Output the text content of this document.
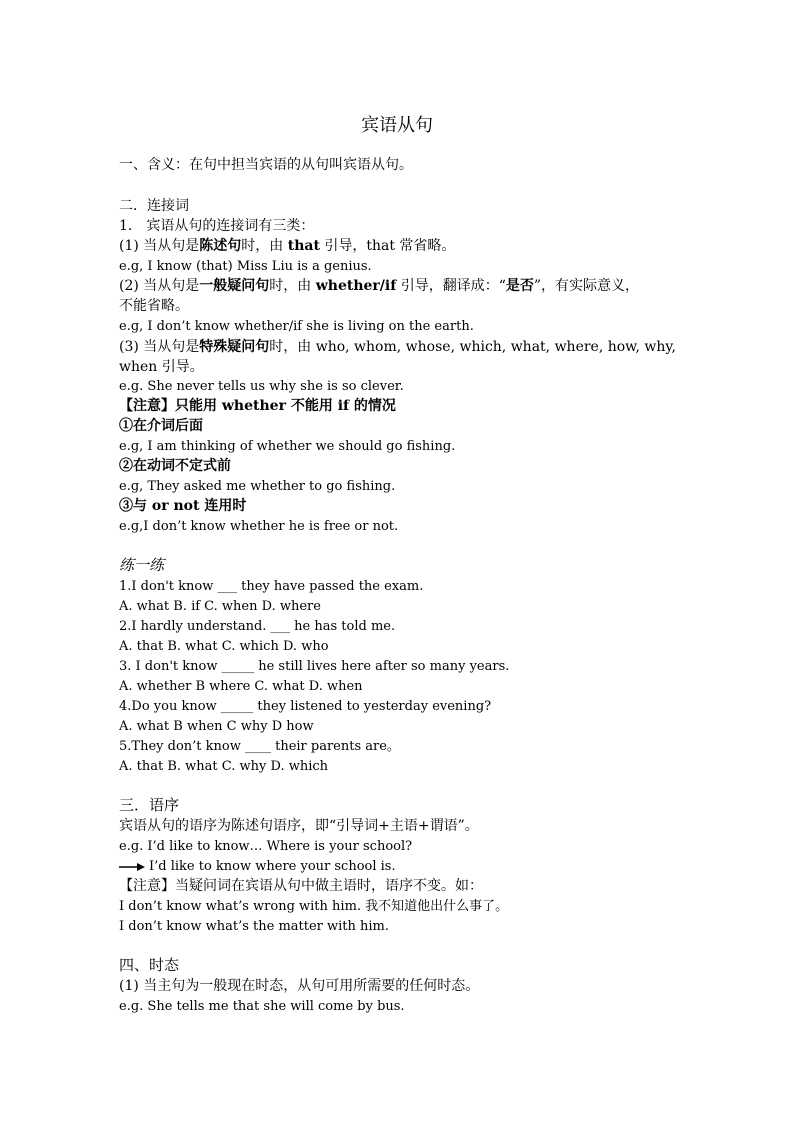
宾语从句
一、含义：在句中担当宾语的从句叫宾语从句。
二．连接词
1.　宾语从句的连接词有三类：
(1) 当从句是陈述句时，由 that 引导，that 常省略。
e.g, I know (that) Miss Liu is a genius.
(2) 当从句是一般疑问句时，由 whether/if 引导，翻译成：“是否”，有实际意义，
不能省略。
e.g, I don’t know whether/if she is living on the earth.
(3) 当从句是特殊疑问句时，由 who, whom, whose, which, what, where, how, why,
when 引导。
e.g. She never tells us why she is so clever.
【注意】只能用 whether 不能用 if 的情况
①在介词后面
e.g, I am thinking of whether we should go fishing.
②在动词不定式前
e.g, They asked me whether to go fishing.
③与 or not 连用时
e.g,I don’t know whether he is free or not.
练一练
1.I don't know ___ they have passed the exam.
A. what B. if C. when D. where
2.I hardly understand. ___ he has told me.
A. that B. what C. which D. who
3. I don't know _____ he still lives here after so many years.
A. whether B where C. what D. when
4.Do you know _____ they listened to yesterday evening?
A. what B when C why D how
5.They don’t know ____ their parents are。
A. that B. what C. why D. which
三．语序
宾语从句的语序为陈述句语序，即“引导词+主语+谓语”。
e.g. I’d like to know… Where is your school?
I’d like to know where your school is.
【注意】当疑问词在宾语从句中做主语时，语序不变。如：
I don’t know what’s wrong with him. 我不知道他出什么事了。
I don’t know what’s the matter with him.
四、时态
(1) 当主句为一般现在时态，从句可用所需要的任何时态。
e.g. She tells me that she will come by bus.
